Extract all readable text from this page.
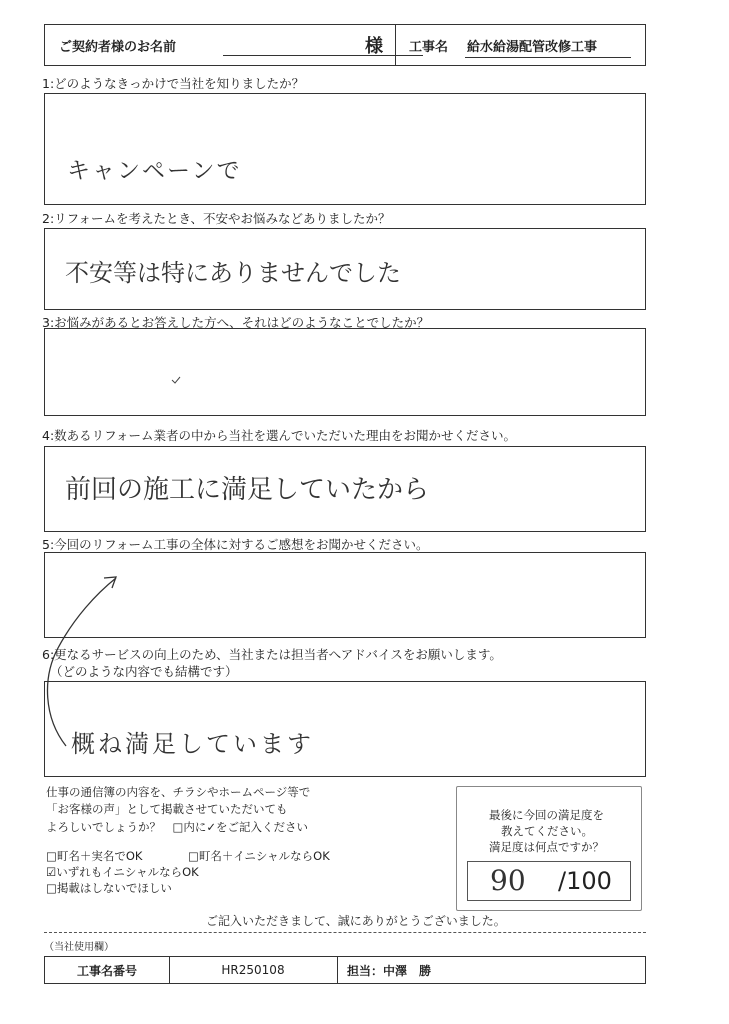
ご契約者様のお名前	様 工事名 給水給湯配管改修工事
1:どのようなきっかけで当社を知りましたか？
キャンペーンで
2:リフォームを考えたとき、不安やお悩みなどありましたか？
不安等は特にありませんでした
3:お悩みがあるとお答えした方へ、それはどのようなことでしたか？
4:数あるリフォーム業者の中から当社を選んでいただいた理由をお聞かせください。
前回の施工に満足していたから
5:今回のリフォーム工事の全体に対するご感想をお聞かせください。
6:更なるサービスの向上のため、当社または担当者へアドバイスをお願いします。
（どのような内容でも結構です）
概ね満足しています
仕事の通信簿の内容を、チラシやホームページ等で
「お客様の声」として掲載させていただいても
よろしいでしょうか？　□内に✓をご記入ください
□町名＋実名でOK	□町名＋イニシャルならOK
☑いずれもイニシャルならOK
□掲載はしないでほしい
最後に今回の満足度を
教えてください。
満足度は何点ですか？
90 /100
ご記入いただきまして、誠にありがとうございました。
（当社使用欄）
工事名番号	HR250108	担当：中澤　勝
